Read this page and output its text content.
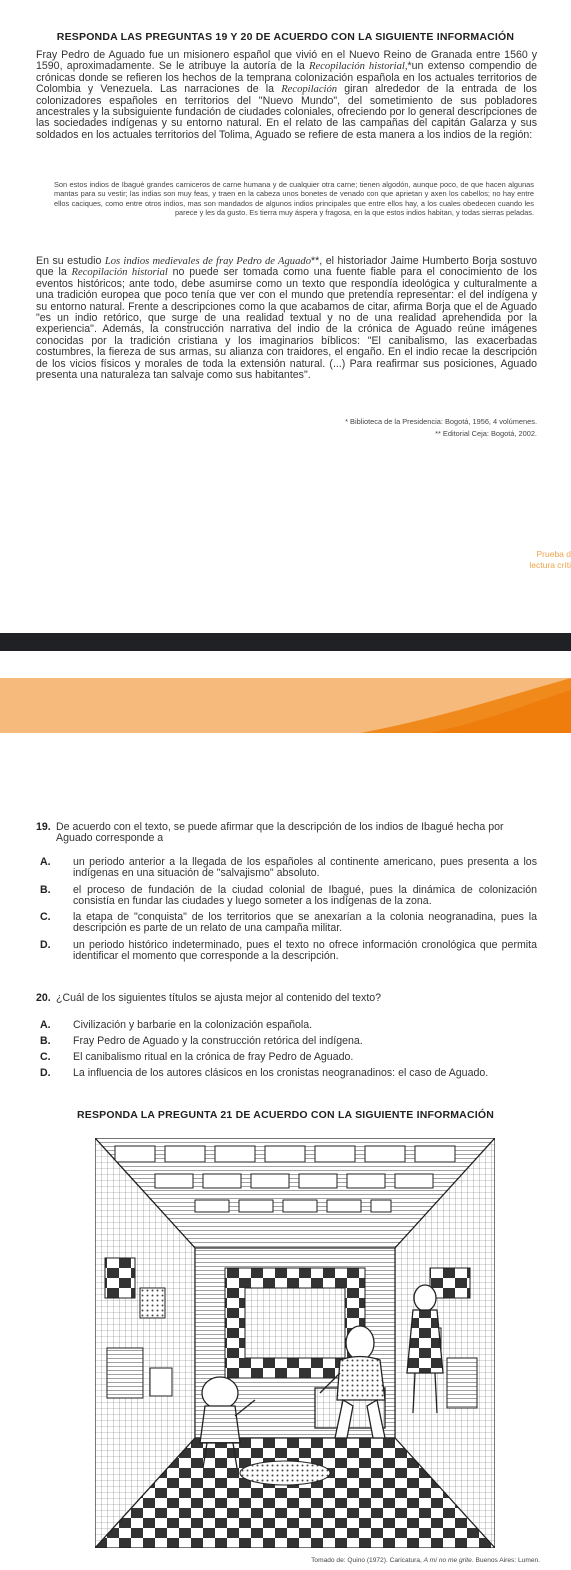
RESPONDA LAS PREGUNTAS 19 Y 20 DE ACUERDO CON LA SIGUIENTE INFORMACIÓN
Fray Pedro de Aguado fue un misionero español que vivió en el Nuevo Reino de Granada entre 1560 y 1590, aproximadamente. Se le atribuye la autoría de la Recopilación historial,*un extenso compendio de crónicas donde se refieren los hechos de la temprana colonización española en los actuales territorios de Colombia y Venezuela. Las narraciones de la Recopilación giran alrededor de la entrada de los colonizadores españoles en territorios del "Nuevo Mundo", del sometimiento de sus pobladores ancestrales y la subsiguiente fundación de ciudades coloniales, ofreciendo por lo general descripciones de las sociedades indígenas y su entorno natural. En el relato de las campañas del capitán Galarza y sus soldados en los actuales territorios del Tolima, Aguado se refiere de esta manera a los indios de la región:
Son estos indios de Ibagué grandes carniceros de carne humana y de cualquier otra carne; tienen algodón, aunque poco, de que hacen algunas mantas para su vestir; las indias son muy feas, y traen en la cabeza unos bonetes de venado con que aprietan y axen los cabellos; no hay entre ellos caciques, como entre otros indios, mas son mandados de algunos indios principales que entre ellos hay, a los cuales obedecen cuando les parece y les da gusto. Es tierra muy áspera y fragosa, en la que estos indios habitan, y todas sierras peladas.
En su estudio Los indios medievales de fray Pedro de Aguado**, el historiador Jaime Humberto Borja sostuvo que la Recopilación historial no puede ser tomada como una fuente fiable para el conocimiento de los eventos históricos; ante todo, debe asumirse como un texto que respondía ideológica y culturalmente a una tradición europea que poco tenía que ver con el mundo que pretendía representar: el del indígena y su entorno natural. Frente a descripciones como la que acabamos de citar, afirma Borja que el de Aguado "es un indio retórico, que surge de una realidad textual y no de una realidad aprehendida por la experiencia". Además, la construcción narrativa del indio de la crónica de Aguado reúne imágenes conocidas por la tradición cristiana y los imaginarios bíblicos: "El canibalismo, las exacerbadas costumbres, la fiereza de sus armas, su alianza con traidores, el engaño. En el indio recae la descripción de los vicios físicos y morales de toda la extensión natural. (...) Para reafirmar sus posiciones, Aguado presenta una naturaleza tan salvaje como sus habitantes".
* Biblioteca de la Presidencia: Bogotá, 1956, 4 volúmenes.
** Editorial Ceja: Bogotá, 2002.
Prueba d
lectura críti
19. De acuerdo con el texto, se puede afirmar que la descripción de los indios de Ibagué hecha por Aguado corresponde a
A. un periodo anterior a la llegada de los españoles al continente americano, pues presenta a los indígenas en una situación de "salvajismo" absoluto.
B. el proceso de fundación de la ciudad colonial de Ibagué, pues la dinámica de colonización consistía en fundar las ciudades y luego someter a los indígenas de la zona.
C. la etapa de "conquista" de los territorios que se anexarían a la colonia neogranadina, pues la descripción es parte de un relato de una campaña militar.
D. un periodo histórico indeterminado, pues el texto no ofrece información cronológica que permita identificar el momento que corresponde a la descripción.
20. ¿Cuál de los siguientes títulos se ajusta mejor al contenido del texto?
A. Civilización y barbarie en la colonización española.
B. Fray Pedro de Aguado y la construcción retórica del indígena.
C. El canibalismo ritual en la crónica de fray Pedro de Aguado.
D. La influencia de los autores clásicos en los cronistas neogranadinos: el caso de Aguado.
RESPONDA LA PREGUNTA 21 DE ACUERDO CON LA SIGUIENTE INFORMACIÓN
Tomado de: Quino (1972). Caricatura, A mí no me grite. Buenos Aires: Lumen.
